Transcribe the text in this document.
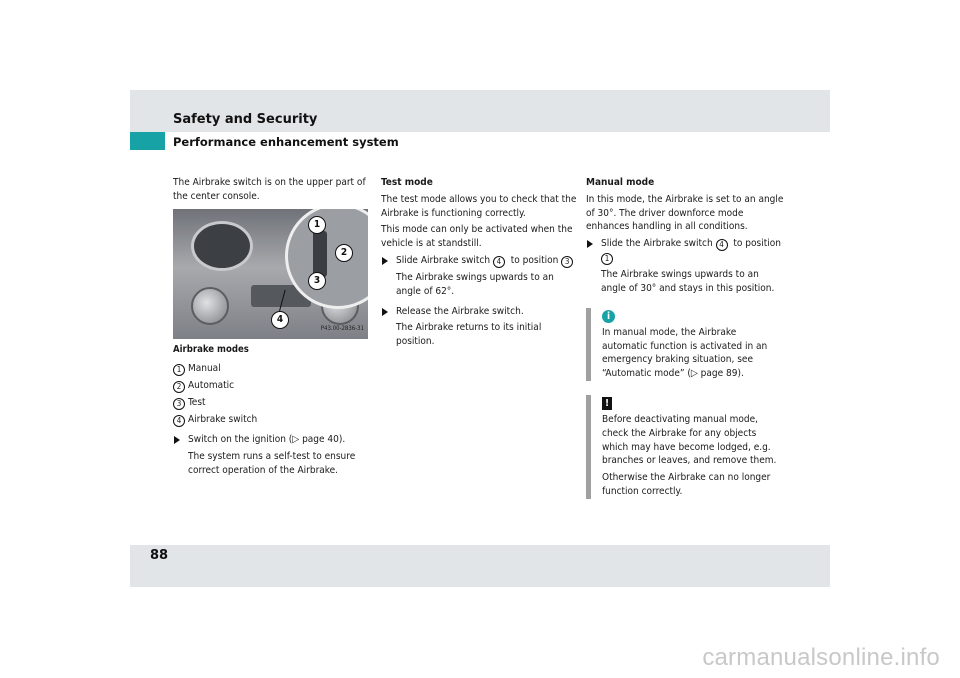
Safety and Security
Performance enhancement system

The Airbrake switch is on the upper part of the center console.

1
2
3
4
P43.00-2836-31
Airbrake modes

1 Manual

2 Automatic

3 Test

4 Airbrake switch

Switch on the ignition (▷ page 40).

The system runs a self-test to ensure correct operation of the Airbrake.

Test mode

The test mode allows you to check that the Airbrake is functioning correctly.

This mode can only be activated when the vehicle is at standstill.

Slide Airbrake switch 4 to position 3

The Airbrake swings upwards to an angle of 62°.

Release the Airbrake switch.

The Airbrake returns to its initial position.

Manual mode

In this mode, the Airbrake is set to an angle of 30°. The driver downforce mode enhances handling in all conditions.

Slide the Airbrake switch 4 to position 1

The Airbrake swings upwards to an angle of 30° and stays in this position.

i

In manual mode, the Airbrake automatic function is activated in an emergency braking situation, see “Automatic mode” (▷ page 89).

!

Before deactivating manual mode, check the Airbrake for any objects which may have become lodged, e.g. branches or leaves, and remove them.

Otherwise the Airbrake can no longer function correctly.

88
carmanualsonline.info
